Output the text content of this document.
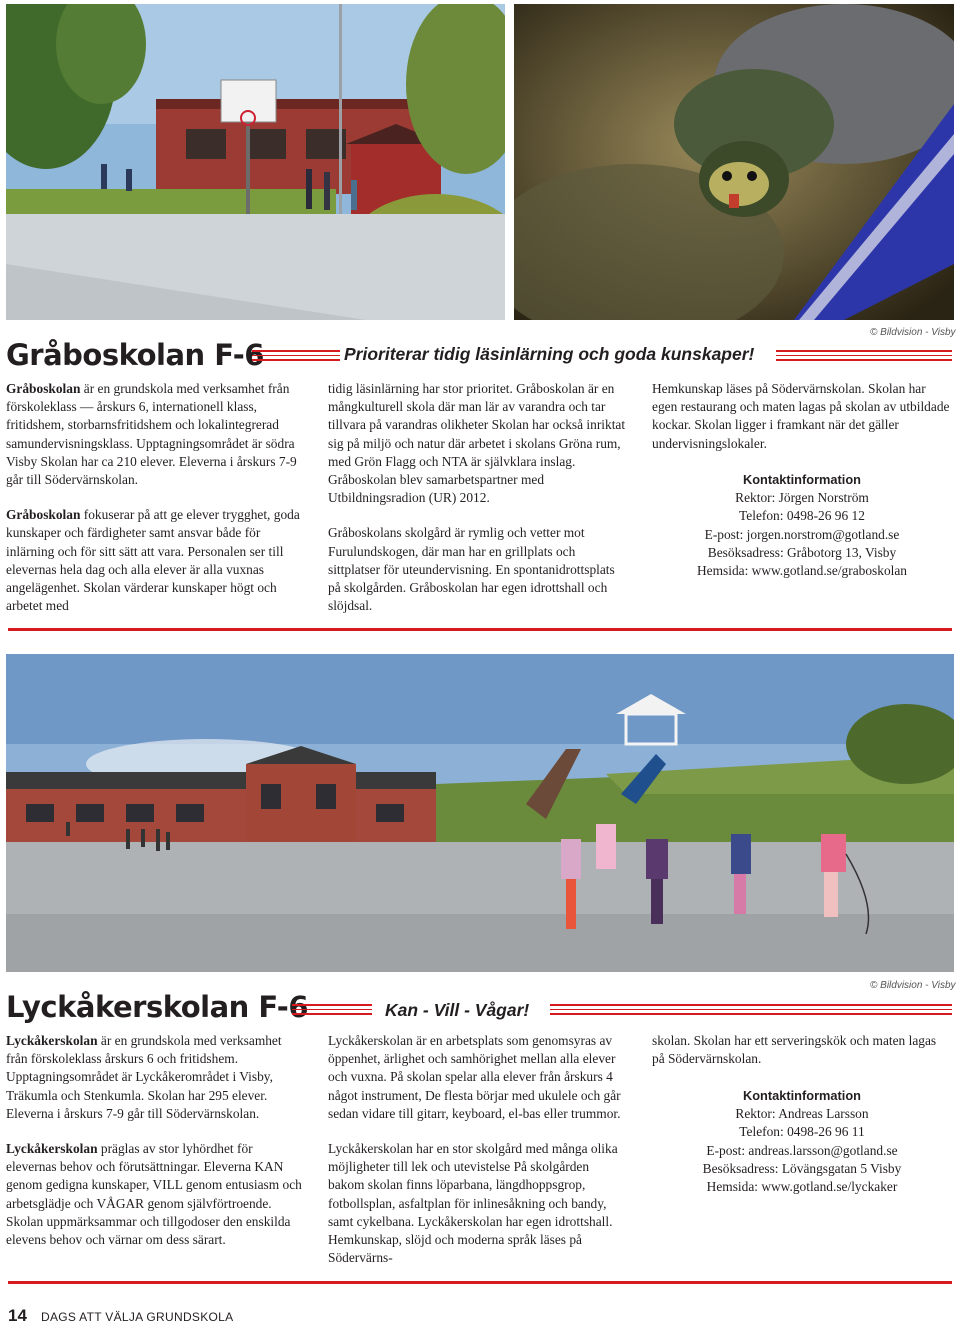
© Bildvision - Visby
Gråboskolan F-6	Prioriterar tidig läsinlärning och goda kunskaper!

Gråboskolan är en grundskola med verksamhet från förskoleklass — årskurs 6, internationell klass, fritidshem, storbarnsfritidshem och lokalintegrerad samundervisningsklass. Upptagningsområdet är södra Visby Skolan har ca 210 elever. Eleverna i årskurs 7-9 går till Södervärnskolan.

Gråboskolan fokuserar på att ge elever trygghet, goda kunskaper och färdigheter samt ansvar både för inlärning och för sitt sätt att vara. Personalen ser till elevernas hela dag och alla elever är alla vuxnas angelägenhet. Skolan värderar kunskaper högt och arbetet med

tidig läsinlärning har stor prioritet. Gråboskolan är en mångkulturell skola där man lär av varandra och tar tillvara på varandras olikheter Skolan har också inriktat sig på miljö och natur där arbetet i skolans Gröna rum, med Grön Flagg och NTA är självklara inslag. Gråboskolan blev samarbetspartner med Utbildningsradion (UR) 2012.

Gråboskolans skolgård är rymlig och vetter mot Furulundskogen, där man har en grillplats och sittplatser för uteundervisning. En spontanidrottsplats på skolgården. Gråboskolan har egen idrottshall och slöjdsal.

Hemkunskap läses på Södervärnskolan. Skolan har egen restaurang och maten lagas på skolan av utbildade kockar. Skolan ligger i framkant när det gäller undervisningslokaler.

Kontaktinformation
Rektor: Jörgen Norström
Telefon: 0498-26 96 12
E-post: jorgen.norstrom@gotland.se
Besöksadress: Gråbotorg 13, Visby
Hemsida: www.gotland.se/graboskolan
© Bildvision - Visby
Lyckåkerskolan F-6	Kan - Vill - Vågar!

Lyckåkerskolan är en grundskola med verksamhet från förskoleklass årskurs 6 och fritidshem. Upptagningsområdet är Lyckåkerområdet i Visby, Träkumla och Stenkumla. Skolan har 295 elever. Eleverna i årskurs 7-9 går till Södervärnskolan.

Lyckåkerskolan präglas av stor lyhördhet för elevernas behov och förutsättningar. Eleverna KAN genom gedigna kunskaper, VILL genom entusiasm och arbetsglädje och VÅGAR genom självförtroende. Skolan uppmärksammar och tillgodoser den enskilda elevens behov och värnar om dess särart.

Lyckåkerskolan är en arbetsplats som genomsyras av öppenhet, ärlighet och samhörighet mellan alla elever och vuxna. På skolan spelar alla elever från årskurs 4 något instrument, De flesta börjar med ukulele och går sedan vidare till gitarr, keyboard, el-bas eller trummor.

Lyckåkerskolan har en stor skolgård med många olika möjligheter till lek och utevistelse På skolgården bakom skolan finns löparbana, längdhoppsgrop, fotbollsplan, asfaltplan för inlinesåkning och bandy, samt cykelbana. Lyckåkerskolan har egen idrottshall. Hemkunskap, slöjd och moderna språk läses på Södervärns-

skolan. Skolan har ett serveringskök och maten lagas på Södervärnskolan.

Kontaktinformation
Rektor: Andreas Larsson
Telefon: 0498-26 96 11
E-post: andreas.larsson@gotland.se
Besöksadress: Lövängsgatan 5 Visby
Hemsida: www.gotland.se/lyckaker
14 DAGS ATT VÄLJA GRUNDSKOLA
